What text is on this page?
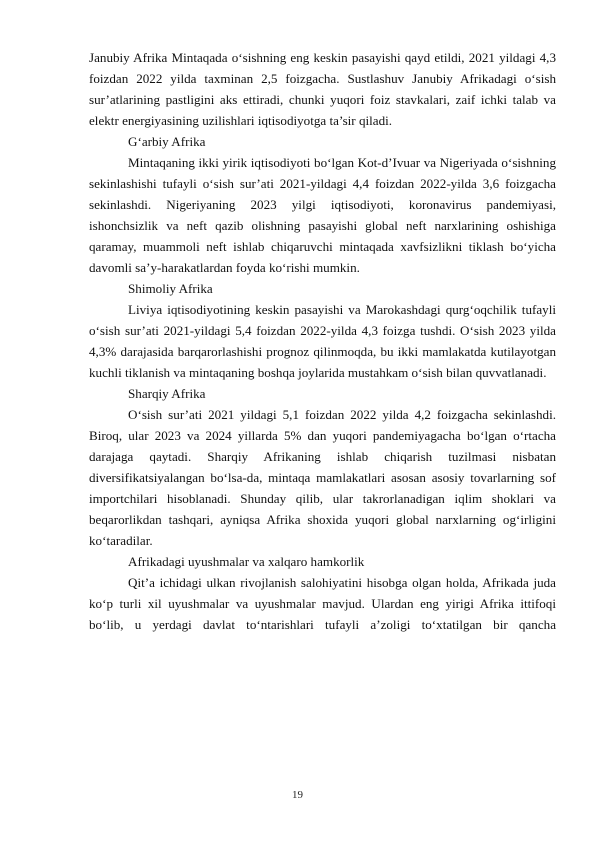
Janubiy Afrika Mintaqada o‘sishning eng keskin pasayishi qayd etildi, 2021 yildagi 4,3 foizdan 2022 yilda taxminan 2,5 foizgacha. Sustlashuv Janubiy Afrikadagi o‘sish sur’atlarining pastligini aks ettiradi, chunki yuqori foiz stavkalari, zaif ichki talab va elektr energiyasining uzilishlari iqtisodiyotga ta’sir qiladi.

G‘arbiy Afrika

Mintaqaning ikki yirik iqtisodiyoti bo‘lgan Kot-d’Ivuar va Nigeriyada o‘sishning sekinlashishi tufayli o‘sish sur’ati 2021-yildagi 4,4 foizdan 2022-yilda 3,6 foizgacha sekinlashdi. Nigeriyaning 2023 yilgi iqtisodiyoti, koronavirus pandemiyasi, ishonchsizlik va neft qazib olishning pasayishi global neft narxlarining oshishiga qaramay, muammoli neft ishlab chiqaruvchi mintaqada xavfsizlikni tiklash bo‘yicha davomli sa’y-harakatlardan foyda ko‘rishi mumkin.

Shimoliy Afrika

Liviya iqtisodiyotining keskin pasayishi va Marokashdagi qurg‘oqchilik tufayli o‘sish sur’ati 2021-yildagi 5,4 foizdan 2022-yilda 4,3 foizga tushdi. O‘sish 2023 yilda 4,3% darajasida barqarorlashishi prognoz qilinmoqda, bu ikki mamlakatda kutilayotgan kuchli tiklanish va mintaqaning boshqa joylarida mustahkam o‘sish bilan quvvatlanadi.

Sharqiy Afrika

O‘sish sur’ati 2021 yildagi 5,1 foizdan 2022 yilda 4,2 foizgacha sekinlashdi. Biroq, ular 2023 va 2024 yillarda 5% dan yuqori pandemiyagacha bo‘lgan o‘rtacha darajaga qaytadi. Sharqiy Afrikaning ishlab chiqarish tuzilmasi nisbatan diversifikatsiyalangan bo‘lsa-da, mintaqa mamlakatlari asosan asosiy tovarlarning sof importchilari hisoblanadi. Shunday qilib, ular takrorlanadigan iqlim shoklari va beqarorlikdan tashqari, ayniqsa Afrika shoxida yuqori global narxlarning og‘irligini ko‘taradilar.

Afrikadagi uyushmalar va xalqaro hamkorlik

Qit’a ichidagi ulkan rivojlanish salohiyatini hisobga olgan holda, Afrikada juda ko‘p turli xil uyushmalar va uyushmalar mavjud. Ulardan eng yirigi Afrika ittifoqi bo‘lib, u yerdagi davlat to‘ntarishlari tufayli a’zoligi to‘xtatilgan bir qancha

19
